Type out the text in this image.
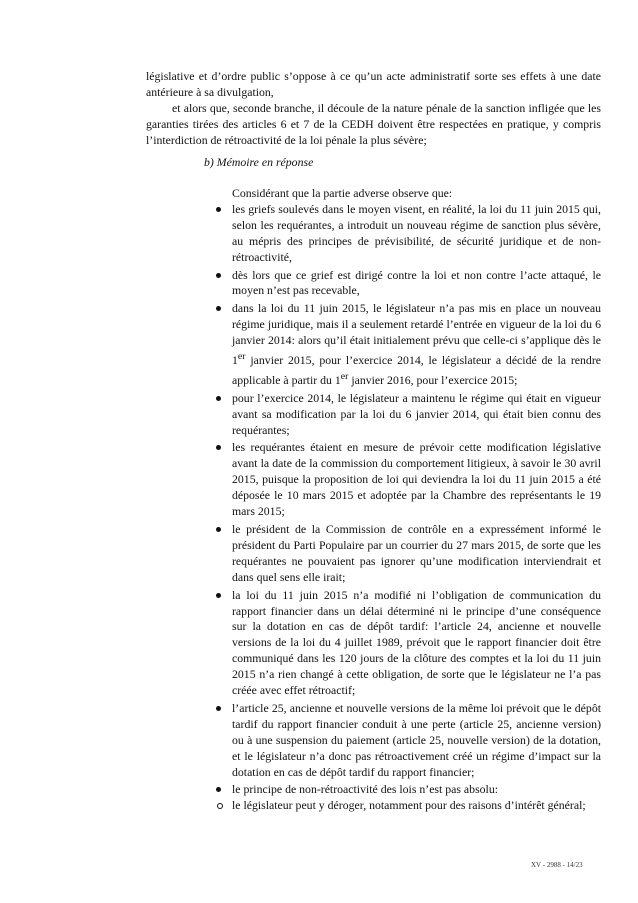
législative et d’ordre public s’oppose à ce qu’un acte administratif sorte ses effets à une date antérieure à sa divulgation,

et alors que, seconde branche, il découle de la nature pénale de la sanction infligée que les garanties tirées des articles 6 et 7 de la CEDH doivent être respectées en pratique, y compris l’interdiction de rétroactivité de la loi pénale la plus sévère;

b) Mémoire en réponse

Considérant que la partie adverse observe que:

les griefs soulevés dans le moyen visent, en réalité, la loi du 11 juin 2015 qui, selon les requérantes, a introduit un nouveau régime de sanction plus sévère, au mépris des principes de prévisibilité, de sécurité juridique et de non-rétroactivité,
dès lors que ce grief est dirigé contre la loi et non contre l’acte attaqué, le moyen n’est pas recevable,
dans la loi du 11 juin 2015, le législateur n’a pas mis en place un nouveau régime juridique, mais il a seulement retardé l’entrée en vigueur de la loi du 6 janvier 2014: alors qu’il était initialement prévu que celle-ci s’applique dès le 1er janvier 2015, pour l’exercice 2014, le législateur a décidé de la rendre applicable à partir du 1er janvier 2016, pour l’exercice 2015;
pour l’exercice 2014, le législateur a maintenu le régime qui était en vigueur avant sa modification par la loi du 6 janvier 2014, qui était bien connu des requérantes;
les requérantes étaient en mesure de prévoir cette modification législative avant la date de la commission du comportement litigieux, à savoir le 30 avril 2015, puisque la proposition de loi qui deviendra la loi du 11 juin 2015 a été déposée le 10 mars 2015 et adoptée par la Chambre des représentants le 19 mars 2015;
le président de la Commission de contrôle en a expressément informé le président du Parti Populaire par un courrier du 27 mars 2015, de sorte que les requérantes ne pouvaient pas ignorer qu’une modification interviendrait et dans quel sens elle irait;
la loi du 11 juin 2015 n’a modifié ni l’obligation de communication du rapport financier dans un délai déterminé ni le principe d’une conséquence sur la dotation en cas de dépôt tardif: l’article 24, ancienne et nouvelle versions de la loi du 4 juillet 1989, prévoit que le rapport financier doit être communiqué dans les 120 jours de la clôture des comptes et la loi du 11 juin 2015 n’a rien changé à cette obligation, de sorte que le législateur ne l’a pas créée avec effet rétroactif;
l’article 25, ancienne et nouvelle versions de la même loi prévoit que le dépôt tardif du rapport financier conduit à une perte (article 25, ancienne version) ou à une suspension du paiement (article 25, nouvelle version) de la dotation, et le législateur n’a donc pas rétroactivement créé un régime d’impact sur la dotation en cas de dépôt tardif du rapport financier;
le principe de non-rétroactivité des lois n’est pas absolu:
le législateur peut y déroger, notamment pour des raisons d’intérêt général;
XV - 2988 - 14/23
